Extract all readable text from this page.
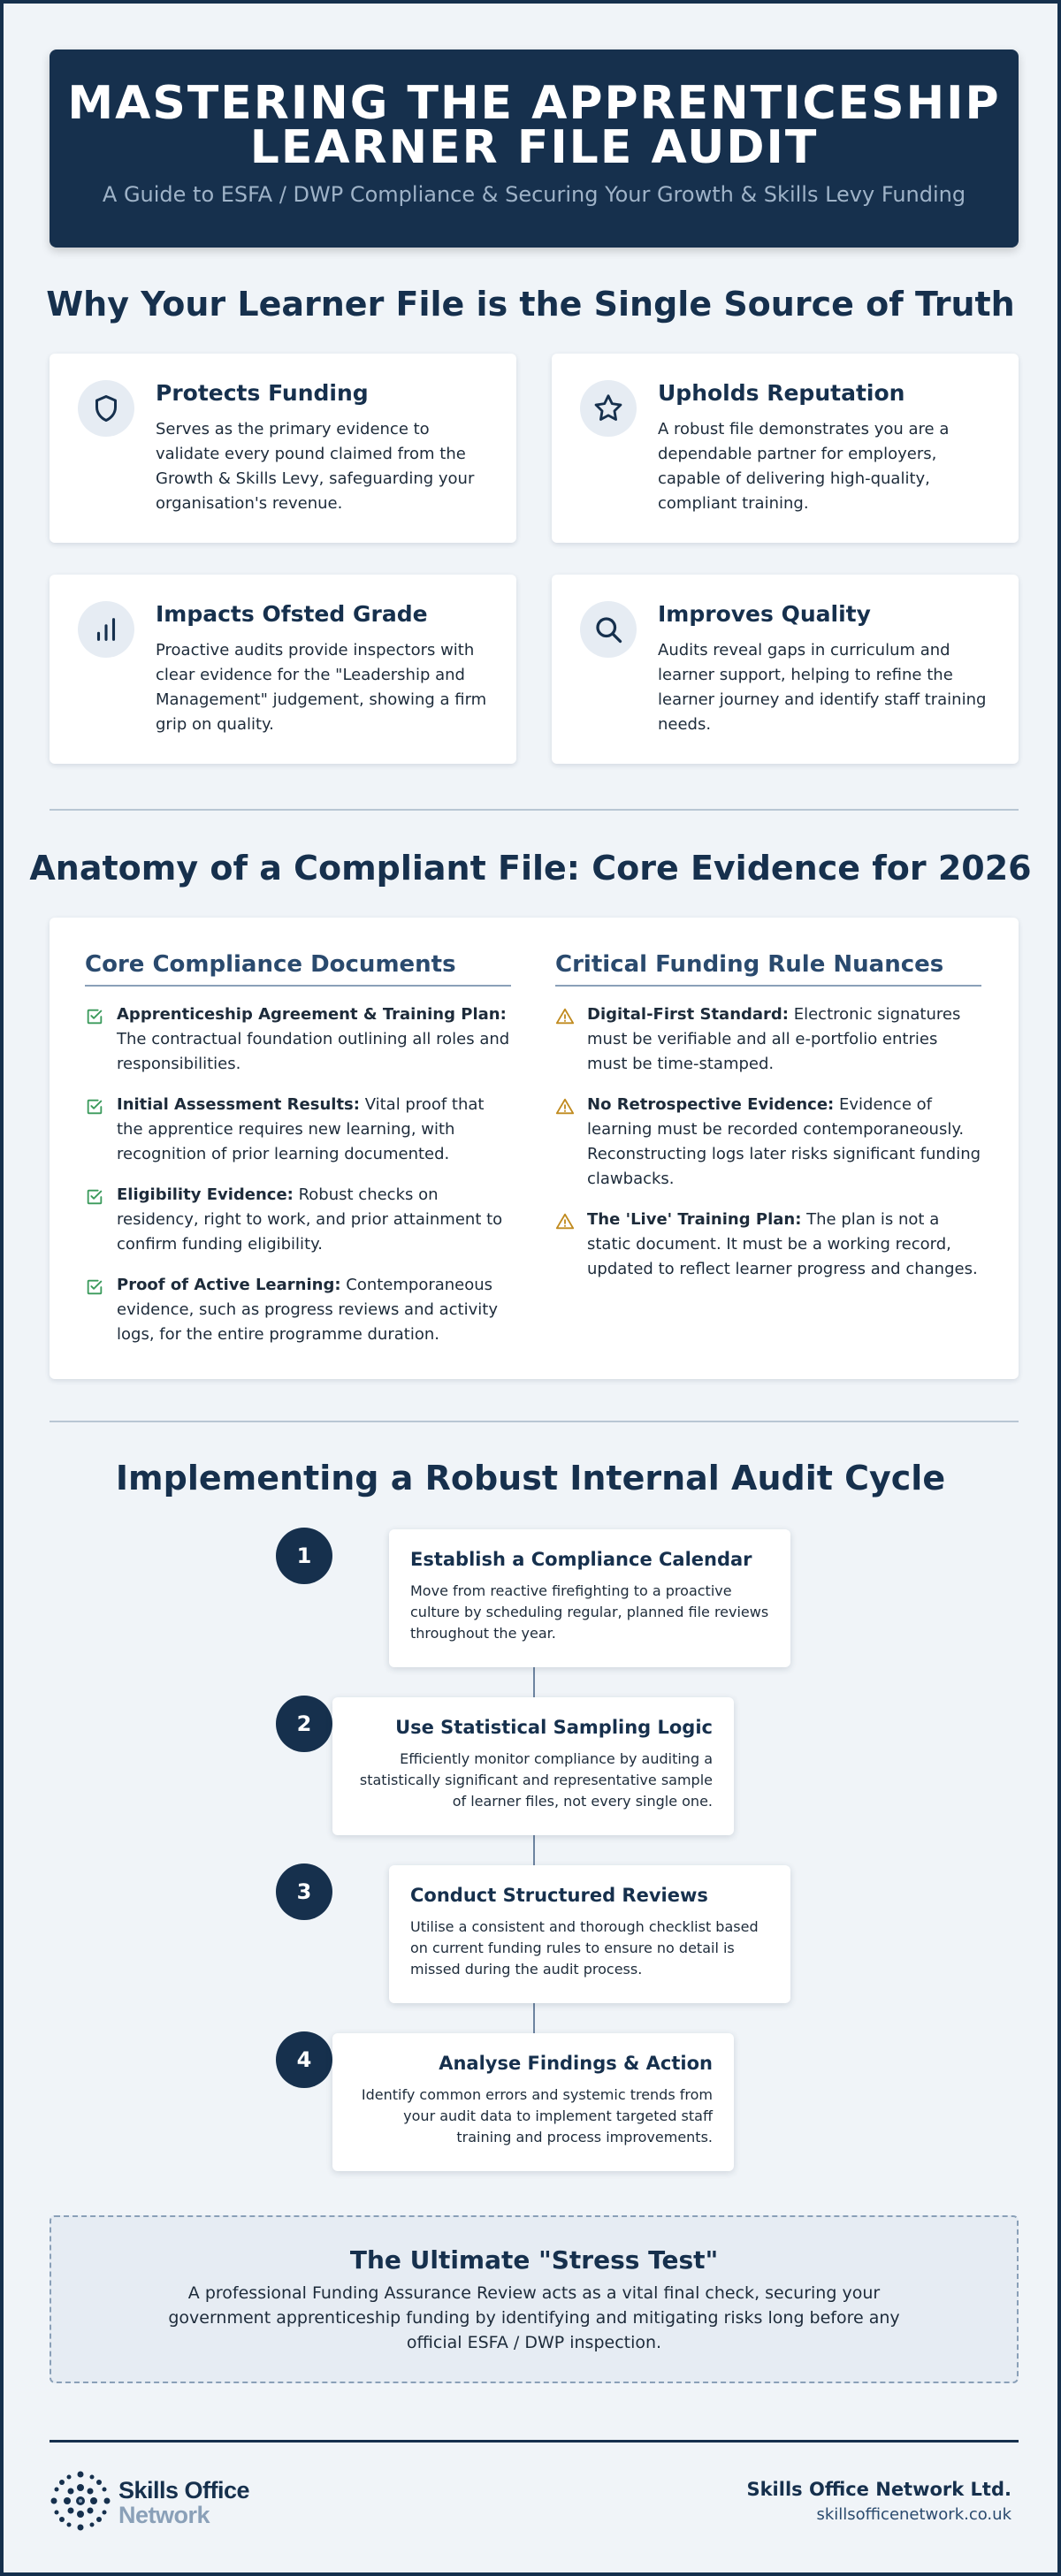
MASTERING THE APPRENTICESHIP
LEARNER FILE AUDIT
A Guide to ESFA / DWP Compliance & Securing Your Growth & Skills Levy Funding
Why Your Learner File is the Single Source of Truth
Protects Funding
Serves as the primary evidence to validate every pound claimed from the Growth & Skills Levy, safeguarding your organisation's revenue.
Upholds Reputation
A robust file demonstrates you are a dependable partner for employers, capable of delivering high-quality, compliant training.
Impacts Ofsted Grade
Proactive audits provide inspectors with clear evidence for the "Leadership and Management" judgement, showing a firm grip on quality.
Improves Quality
Audits reveal gaps in curriculum and learner support, helping to refine the learner journey and identify staff training needs.
Anatomy of a Compliant File: Core Evidence for 2026
Core Compliance Documents
Apprenticeship Agreement & Training Plan: The contractual foundation outlining all roles and responsibilities.
Initial Assessment Results: Vital proof that the apprentice requires new learning, with recognition of prior learning documented.
Eligibility Evidence: Robust checks on residency, right to work, and prior attainment to confirm funding eligibility.
Proof of Active Learning: Contemporaneous evidence, such as progress reviews and activity logs, for the entire programme duration.
Critical Funding Rule Nuances
Digital-First Standard: Electronic signatures must be verifiable and all e-portfolio entries must be time-stamped.
No Retrospective Evidence: Evidence of learning must be recorded contemporaneously. Reconstructing logs later risks significant funding clawbacks.
The 'Live' Training Plan: The plan is not a static document. It must be a working record, updated to reflect learner progress and changes.
Implementing a Robust Internal Audit Cycle
1	Establish a Compliance Calendar
Move from reactive firefighting to a proactive culture by scheduling regular, planned file reviews throughout the year.
2	Use Statistical Sampling Logic
Efficiently monitor compliance by auditing a statistically significant and representative sample of learner files, not every single one.
3	Conduct Structured Reviews
Utilise a consistent and thorough checklist based on current funding rules to ensure no detail is missed during the audit process.
4	Analyse Findings & Action
Identify common errors and systemic trends from your audit data to implement targeted staff training and process improvements.
The Ultimate "Stress Test"
A professional Funding Assurance Review acts as a vital final check, securing your government apprenticeship funding by identifying and mitigating risks long before any official ESFA / DWP inspection.
Skills Office
Network
Skills Office Network Ltd.
skillsofficenetwork.co.uk
